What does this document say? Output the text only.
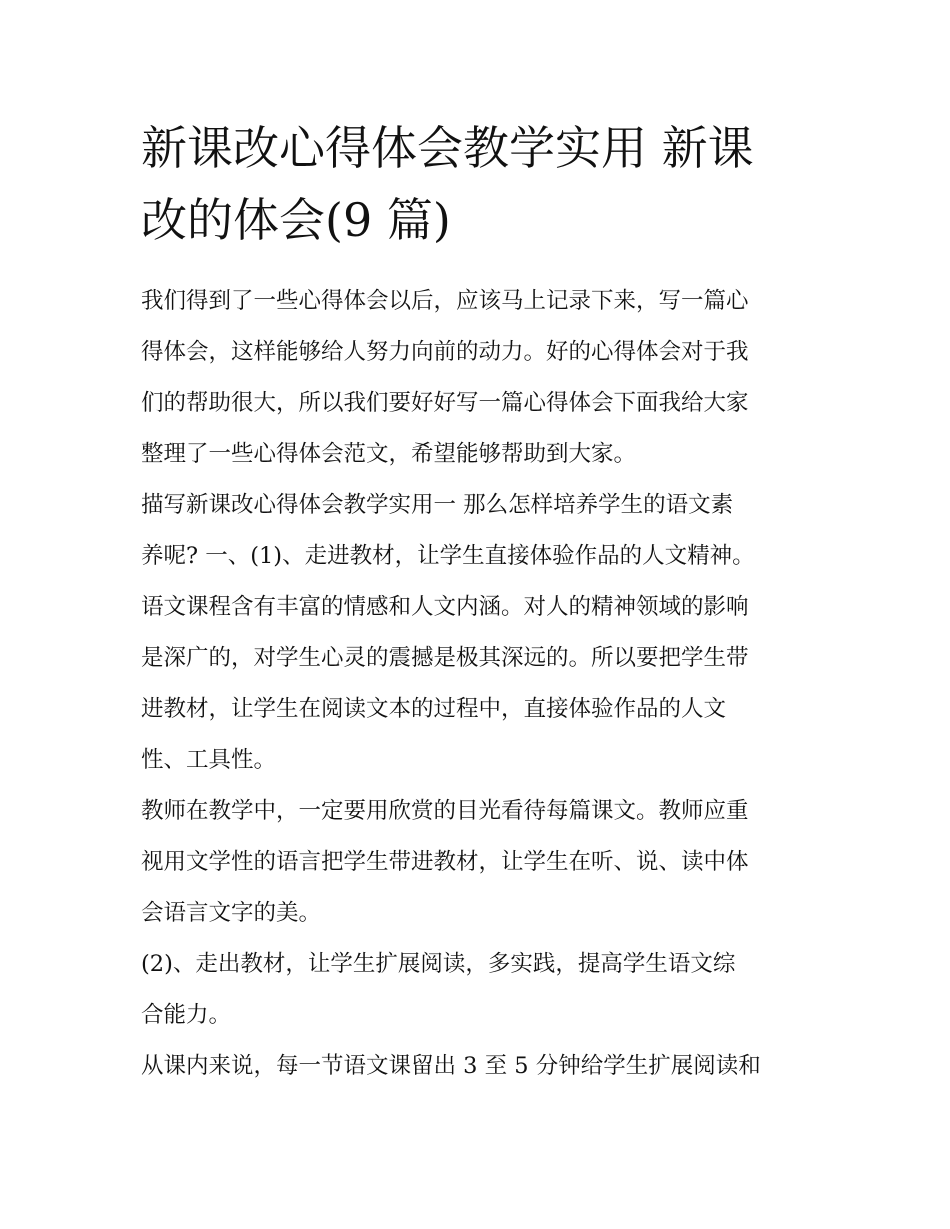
新课改心得体会教学实用 新课
改的体会(9 篇)

我们得到了一些心得体会以后，应该马上记录下来，写一篇心
得体会，这样能够给人努力向前的动力。好的心得体会对于我
们的帮助很大，所以我们要好好写一篇心得体会下面我给大家
整理了一些心得体会范文，希望能够帮助到大家。

描写新课改心得体会教学实用一 那么怎样培养学生的语文素
养呢? 一、(1)、走进教材，让学生直接体验作品的人文精神。
语文课程含有丰富的情感和人文内涵。对人的精神领域的影响
是深广的，对学生心灵的震撼是极其深远的。所以要把学生带
进教材，让学生在阅读文本的过程中，直接体验作品的人文
性、工具性。

教师在教学中，一定要用欣赏的目光看待每篇课文。教师应重
视用文学性的语言把学生带进教材，让学生在听、说、读中体
会语言文字的美。

(2)、走出教材，让学生扩展阅读，多实践，提高学生语文综
合能力。

从课内来说，每一节语文课留出 3 至 5 分钟给学生扩展阅读和
